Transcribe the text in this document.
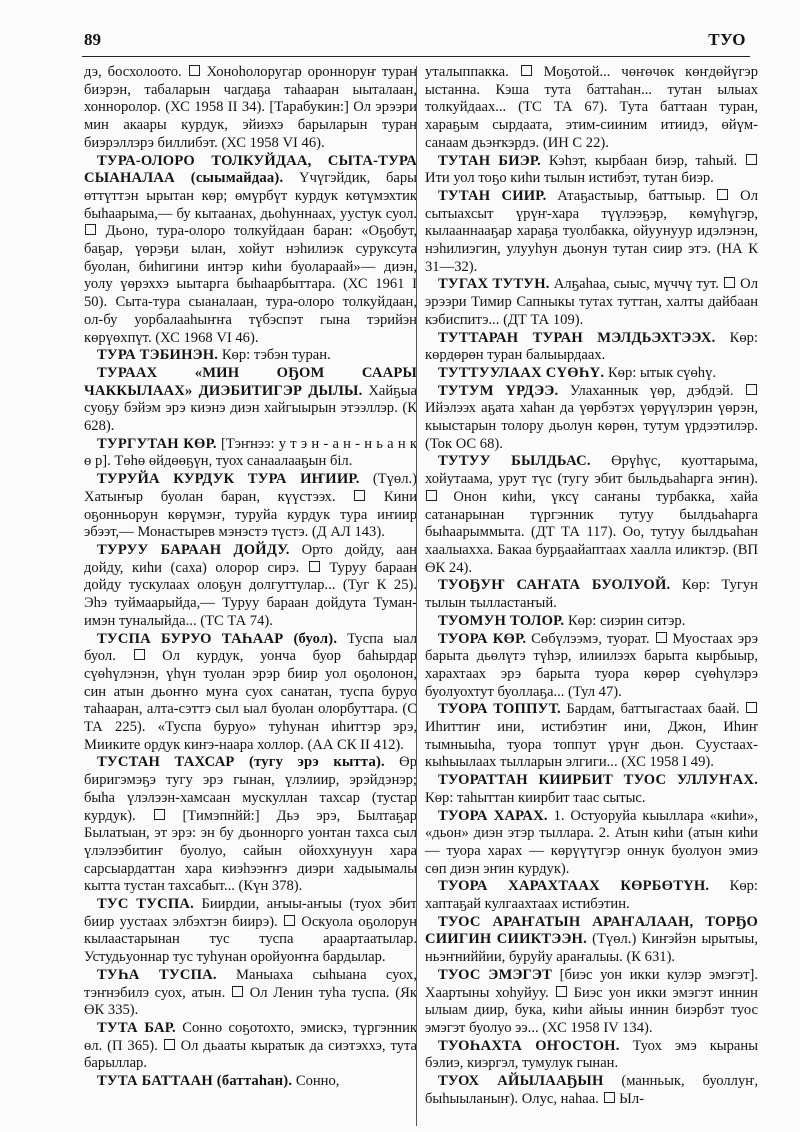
89	ТУО

дэ, босхолоото.  Хоноһолоругар оронноруҥ туран биэрэн, табаларын чагдаҕа таһааран ыыталаан, хонноролор. (ХС 1958 II 34). [Тарабукин:] Ол эрээри мин акаары курдук, эйиэхэ барыларын туран биэрэллэрэ биллибэт. (ХС 1958 VI 46).

ТУРА-ОЛОРО ТОЛКУЙДАА, СЫТА-ТУРА СЫАНАЛАА (сыымайдаа). Үчүгэйдик, бары өттүттэн ырытан көр; өмүрбүт курдук көтүмэхтик быһаарыма,— бу кытаанах, дьоһуннаах, уустук суол.  Дьоно, тура-олоро толкуйдаан баран: «Оҕобут, баҕар, үөрэҕи ылан, хойут нэһилиэк суруксута буолан, биһигини интэр киһи буолараай»— диэн, уолу үөрэххэ ыытарга быһаарбыттара. (ХС 1961 I 50). Сыта-тура сыаналаан, тура-олоро толкуйдаан, ол-бу уорбалааһыҥҥа түбэспэт гына тэрийэн көрүөхпүт. (ХС 1968 VI 46).

ТУРА ТЭБИНЭН. Көр: тэбэн туран.

ТУРААХ «МИН ОҔОМ СААРЫ ЧАККЫЛААХ» ДИЭБИТИГЭР ДЫЛЫ. Хайҕыа суоҕу бэйэм эрэ киэнэ диэн хайгыырын этээллэр. (К 628).

ТУРГУТАН КӨР. [Тэҥнээ: у т э н - а н - н ь а н к ө р]. Төһө өйдөөҕүн, туох санаалааҕын біл.

ТУРУЙА КУРДУК ТУРА ИҤИИР. (Түөл.) Хатыҥыр буолан баран, күүстээх.  Кини оҕонньорун көрүмэҥ, туруйа курдук тура иҥиир эбээт,— Монастырев мэнэстэ түстэ. (Д АЛ 143).

ТУРУУ БАРААН ДОЙДУ. Орто дойду, аан дойду, киһи (саха) олорор сирэ.  Туруу бараан дойду тускулаах олоҕун долгуттулар... (Туг К 25). Эһэ туймаарыйда,— Туруу бараан дойдута Туман-имэн туналыйда... (ТС ТА 74).

ТУСПА БУРУО ТАҺААР (буол). Туспа ыал буол.  Ол курдук, уонча буор баһырдар сүөһүлэнэн, үһүн туолан эрэр биир уол оҕолонон, син атын дьоҥҥо муҥа суох санатан, туспа буруо таһааран, алта-сэттэ сыл ыал буолан олорбуттара. (С ТА 225). «Туспа буруо» туһунан иһиттэр эрэ, Мииките ордук киҥэ-наара холлор. (АА СК II 412).

ТУСТАН ТАХСАР (тугу эрэ кытта). Өр биригэмэҕэ тугу эрэ гынан, үлэлиир, эрэйдэнэр; быһа үлэлээн-хамсаан мускуллан тахсар (тустар курдук).  [Тимэпнйй:] Дьэ эрэ, Былтаҕар Былатыан, эт эрэ: эн бу дьонноргo уонтан тахса сыл үлэлээбитиҥ буолуо, сайын ойоххунуун хара сарсыардаттан хара киэһээҥҥэ диэри хадыымалы кытта тустан тахсабыт... (Күн 378).

ТУС ТУСПА. Биирдии, аҥыы-аҥыы (туох эбит биир уустаах элбэхтэн биирэ).  Оскуола оҕолорун кылаастарынан тус туспа араартаатылар. Устудьуоннар тус туһунан оройуоҥҥа бардылар.

ТУҺА ТУСПА. Маныаха сыһыана суох, тэҥнэбилэ суох, атын.  Ол Ленин туһа туспа. (Як ӨК 335).

ТУТА БАР. Сонно соҕотохто, эмискэ, түргэнник өл. (П 365).  Ол дьааты кыратык да сиэтэххэ, тута барыллар.

ТУТА БАТТААН (баттаһан). Сонно,

уталыппакка.  Моҕотой... чөҥөчөк көҥдөйүгэр ыстанна. Кэша тута баттаһан... тутан ылыах толкуйдаах... (ТС ТА 67). Тута баттаан туран, хараҕым сырдаата, этим-сииним итиидэ, өйүм-санаам дьэҥкэрдэ. (ИН С 22).

ТУТАН БИЭР. Кэһэт, кырбаан биэр, таһый.  Ити уол тоҕо киһи тылын истибэт, тутан биэр.

ТУТАН СИИР. Атаҕастыыр, баттыыр.  Ол сытыахсыт үрүҥ-хара түүлээҕэр, көмүһүгэр, кылааннааҕар хараҕа туолбакка, ойуунуур идэлэнэн, нэһилиэгин, улууһун дьонун тутан сиир этэ. (НА К 31—32).

ТУГАХ ТУТУН. Алҕаһаа, сыыс, мүччү тут.  Ол эрээри Тимир Сапныкы тутах туттан, халты дайбаан кэбиспитэ... (ДТ ТА 109).

ТУТТАРАН ТУРАН МЭЛДЬЭХТЭЭХ. Көр: көрдөрөн туран балыырдаах.

ТУТТУУЛААХ СҮӨҺҮ. Көр: ытык сүөһү.

ТУТУМ ҮРДЭЭ. Улаханнык үөр, дэбдэй.  Ийэлээх аҕата хаһан да үөрбэтэх үөрүүлэрин үөрэн, кыыстарын толору дьолун көрөн, тутум үрдээтилэр. (Ток ОС 68).

ТУТУУ БЫЛДЬАС. Өрүһүс, куоттарыма, хойутаама, урут түс (тугу эбит быльдьаһарга эҥин).  Онон киһи, үксү саҥаны турбакка, хайа сатанарынан түргэнник тутуу былдьаһарга быһаарыммыта. (ДТ ТА 117). Оо, тутуу былдьаһан хаалыахха. Бакаа бурҕаайаптаах хаалла иликтэр. (ВП ӨК 24).

ТУОҔУҤ САҤАТА БУОЛУОЙ. Көр: Тугун тылын тылластаҥый.

ТУОМУН ТОЛОР. Көр: сиэрин ситэр.

ТУОРА КӨР. Сөбүлээмэ, туорат.  Муостаах эрэ барыта дьөлүтэ түһэр, илиилээх барыта кырбыыр, харахтаах эрэ барыта туора көрөр сүөһүлэрэ буолуохтут буоллаҕа... (Тул 47).

ТУОРА ТОППУТ. Бардам, баттыгастаах баай.  Иһиттиҥ ини, истибэтиҥ ини, Джон, Иһиҥ тымныыһа, туора топпут үрүҥ дьон. Суустаах-кыһыылаах тылларын элгиги... (ХС 1958 I 49).

ТУОРАТТАН КИИРБИТ ТУОС УЛЛУҤАХ. Көр: таһыттан киирбит таас сытыс.

ТУОРА ХАРАХ. 1. Остуоруйа кыыллара «киһи», «дьон» диэн этэр тыллара. 2. Атын киһи (атын киһи — туора харах — көрүүтүгэр оннук буолуон эмиэ сөп диэн эҥин курдук).

ТУОРА ХАРАХТААХ КӨРБӨТҮН. Көр: хаптаҕай кулгаахтаах истибэтин.

ТУОС АРАҤАТЫН АРАҤАЛААН, ТОРҔО СИИГИН СИИКТЭЭН. (Түөл.) Киҥэйэн ырытыы, ньэҥниййии, буруйу араҥалыы. (К 631).

ТУОС ЭМЭГЭТ [биэс уон икки кулэр эмэгэт]. Хаартыны хоһуйуу.  Биэс уон икки эмэгэт иннин ылыам диир, бука, киһи айыы иннин биэрбэт туос эмэгэт буолуо ээ... (ХС 1958 IV 134).

ТУОҺАХТА ОҤОСТОН. Туох эмэ кыраны бэлиэ, киэргэл, тумулук гынан.

ТУОХ АЙЫЛААҔЫН (манньык, буоллуҥ, быһыыланыҥ). Олус, наһаа.  Ыл-
